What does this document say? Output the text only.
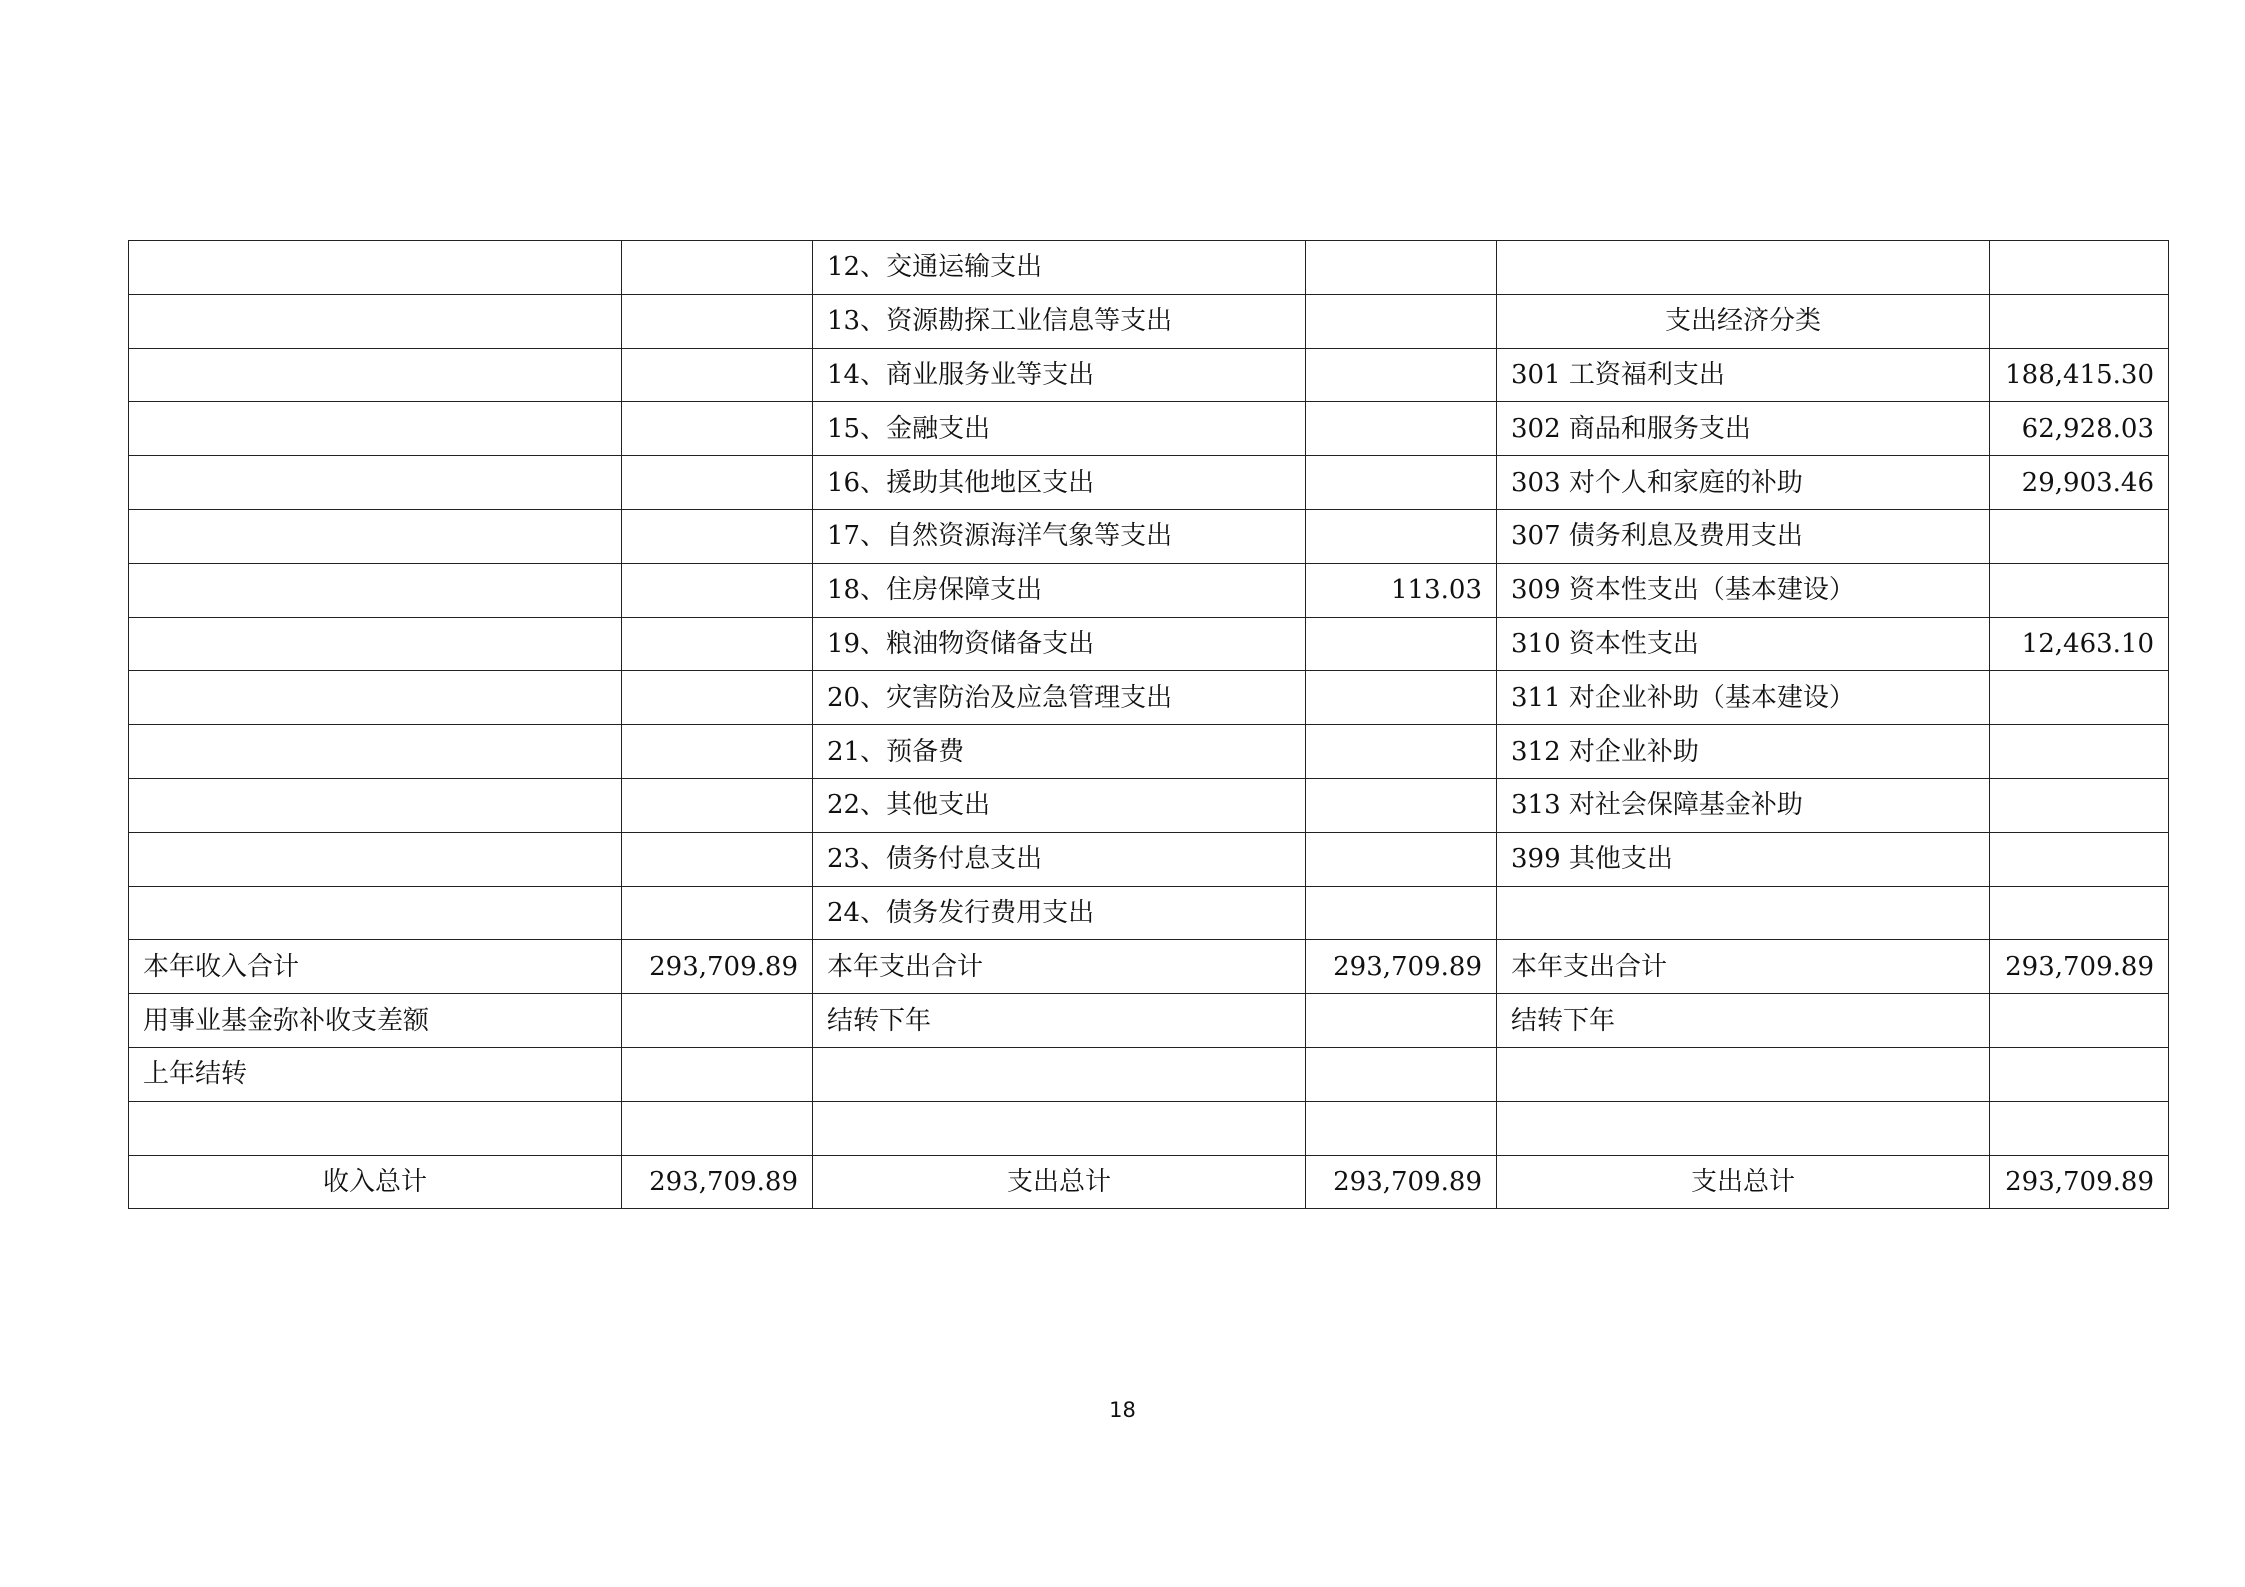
		12、交通运输支出			
		13、资源勘探工业信息等支出		支出经济分类	
		14、商业服务业等支出		301 工资福利支出	188,415.30
		15、金融支出		302 商品和服务支出	62,928.03
		16、援助其他地区支出		303 对个人和家庭的补助	29,903.46
		17、自然资源海洋气象等支出		307 债务利息及费用支出	
		18、住房保障支出	113.03	309 资本性支出（基本建设）	
		19、粮油物资储备支出		310 资本性支出	12,463.10
		20、灾害防治及应急管理支出		311 对企业补助（基本建设）	
		21、预备费		312 对企业补助	
		22、其他支出		313 对社会保障基金补助	
		23、债务付息支出		399 其他支出	
		24、债务发行费用支出			
本年收入合计	293,709.89	本年支出合计	293,709.89	本年支出合计	293,709.89
用事业基金弥补收支差额		结转下年		结转下年	
上年结转					

收入总计	293,709.89	支出总计	293,709.89	支出总计	293,709.89
18
